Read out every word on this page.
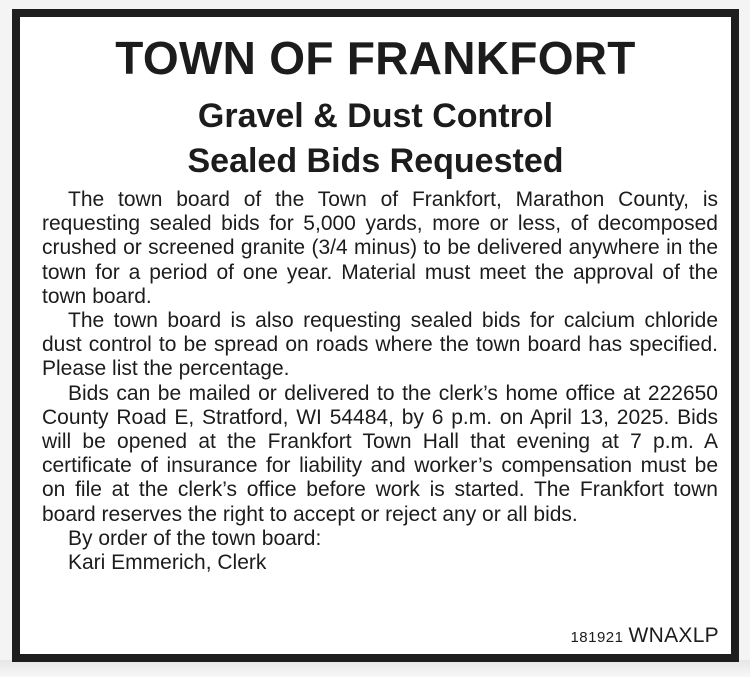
TOWN OF FRANKFORT
Gravel & Dust Control
Sealed Bids Requested

The town board of the Town of Frankfort, Marathon County, is requesting sealed bids for 5,000 yards, more or less, of decomposed crushed or screened granite (3/4 minus) to be delivered anywhere in the town for a period of one year. Material must meet the approval of the town board.

The town board is also requesting sealed bids for calcium chloride dust control to be spread on roads where the town board has specified. Please list the percentage.

Bids can be mailed or delivered to the clerk’s home office at 222650 County Road E, Stratford, WI 54484, by 6 p.m. on April 13, 2025. Bids will be opened at the Frankfort Town Hall that evening at 7 p.m. A certificate of insurance for liability and worker’s compensation must be on file at the clerk’s office before work is started. The Frankfort town board reserves the right to accept or reject any or all bids.

By order of the town board:

Kari Emmerich, Clerk

181921 WNAXLP
